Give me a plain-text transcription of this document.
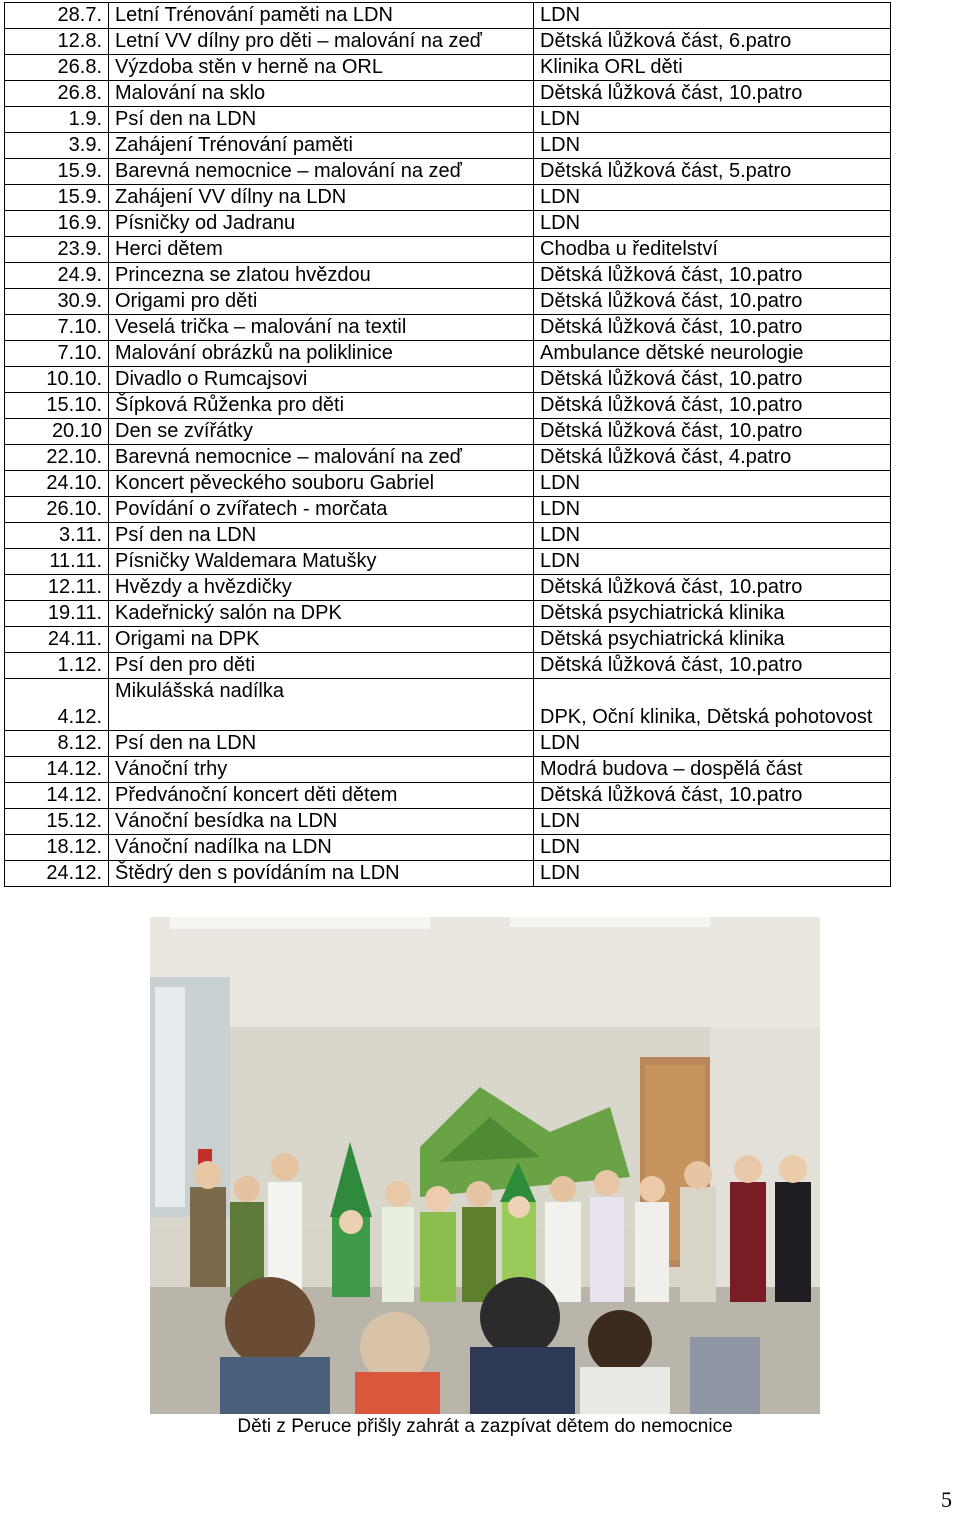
28.7.	Letní Trénování paměti na LDN	LDN
12.8.	Letní VV dílny pro děti – malování na zeď	Dětská lůžková část, 6.patro
26.8.	Výzdoba stěn v herně na ORL	Klinika ORL děti
26.8.	Malování na sklo	Dětská lůžková část, 10.patro
1.9.	Psí den na LDN	LDN
3.9.	Zahájení Trénování paměti	LDN
15.9.	Barevná nemocnice – malování na zeď	Dětská lůžková část, 5.patro
15.9.	Zahájení VV dílny na LDN	LDN
16.9.	Písničky od Jadranu	LDN
23.9.	Herci dětem	Chodba u ředitelství
24.9.	Princezna se zlatou hvězdou	Dětská lůžková část, 10.patro
30.9.	Origami pro děti	Dětská lůžková část, 10.patro
7.10.	Veselá trička – malování na textil	Dětská lůžková část, 10.patro
7.10.	Malování obrázků na poliklinice	Ambulance dětské neurologie
10.10.	Divadlo o Rumcajsovi	Dětská lůžková část, 10.patro
15.10.	Šípková Růženka pro děti	Dětská lůžková část, 10.patro
20.10	Den se zvířátky	Dětská lůžková část, 10.patro
22.10.	Barevná nemocnice – malování na zeď	Dětská lůžková část, 4.patro
24.10.	Koncert pěveckého souboru Gabriel	LDN
26.10.	Povídání o zvířatech - morčata	LDN
3.11.	Psí den na LDN	LDN
11.11.	Písničky Waldemara Matušky	LDN
12.11.	Hvězdy a hvězdičky	Dětská lůžková část, 10.patro
19.11.	Kadeřnický salón na DPK	Dětská psychiatrická klinika
24.11.	Origami na DPK	Dětská psychiatrická klinika
1.12.	Psí den pro děti	Dětská lůžková část, 10.patro
4.12.	Mikulášská nadílka	DPK, Oční klinika, Dětská pohotovost
8.12.	Psí den na LDN	LDN
14.12.	Vánoční trhy	Modrá budova – dospělá část
14.12.	Předvánoční koncert děti dětem	Dětská lůžková část, 10.patro
15.12.	Vánoční besídka na LDN	LDN
18.12.	Vánoční nadílka na LDN	LDN
24.12.	Štědrý den s povídáním na LDN	LDN
Děti z Peruce přišly zahrát a zazpívat dětem do nemocnice
5
